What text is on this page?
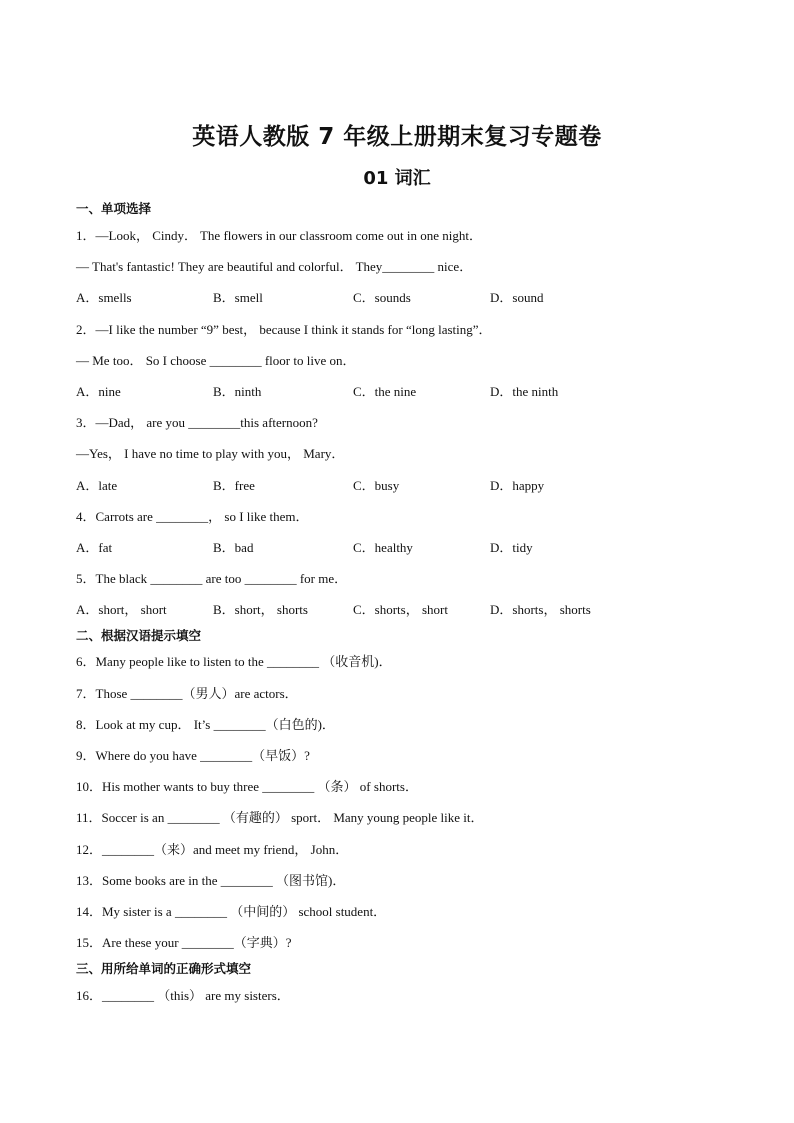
英语人教版 7 年级上册期末复习专题卷
01 词汇
一、单项选择
1．—Look， Cindy． The flowers in our classroom come out in one night．
— That's fantastic! They are beautiful and colorful． They________ nice．
A．smells	B．smell	C．sounds	D．sound
2．—I like the number “9” best， because I think it stands for “long lasting”．
— Me too． So I choose ________ floor to live on．
A．nine	B．ninth	C．the nine	D．the ninth
3．—Dad， are you ________this afternoon?
—Yes， I have no time to play with you， Mary．
A．late	B．free	C．busy	D．happy
4．Carrots are ________， so I like them．
A．fat	B．bad	C．healthy	D．tidy
5．The black ________ are too ________ for me．
A．short， short	B．short， shorts	C．shorts， short	D．shorts， shorts
二、根据汉语提示填空
6．Many people like to listen to the ________ （收音机)．
7．Those ________（男人）are actors．
8．Look at my cup． It’s ________（白色的)．
9．Where do you have ________（早饭）?
10．His mother wants to buy three ________ （条） of shorts．
11．Soccer is an ________ （有趣的） sport． Many young people like it．
12．________（来）and meet my friend， John．
13．Some books are in the ________ （图书馆)．
14．My sister is a ________ （中间的） school student．
15．Are these your ________（字典）?
三、用所给单词的正确形式填空
16．________ （this） are my sisters．
